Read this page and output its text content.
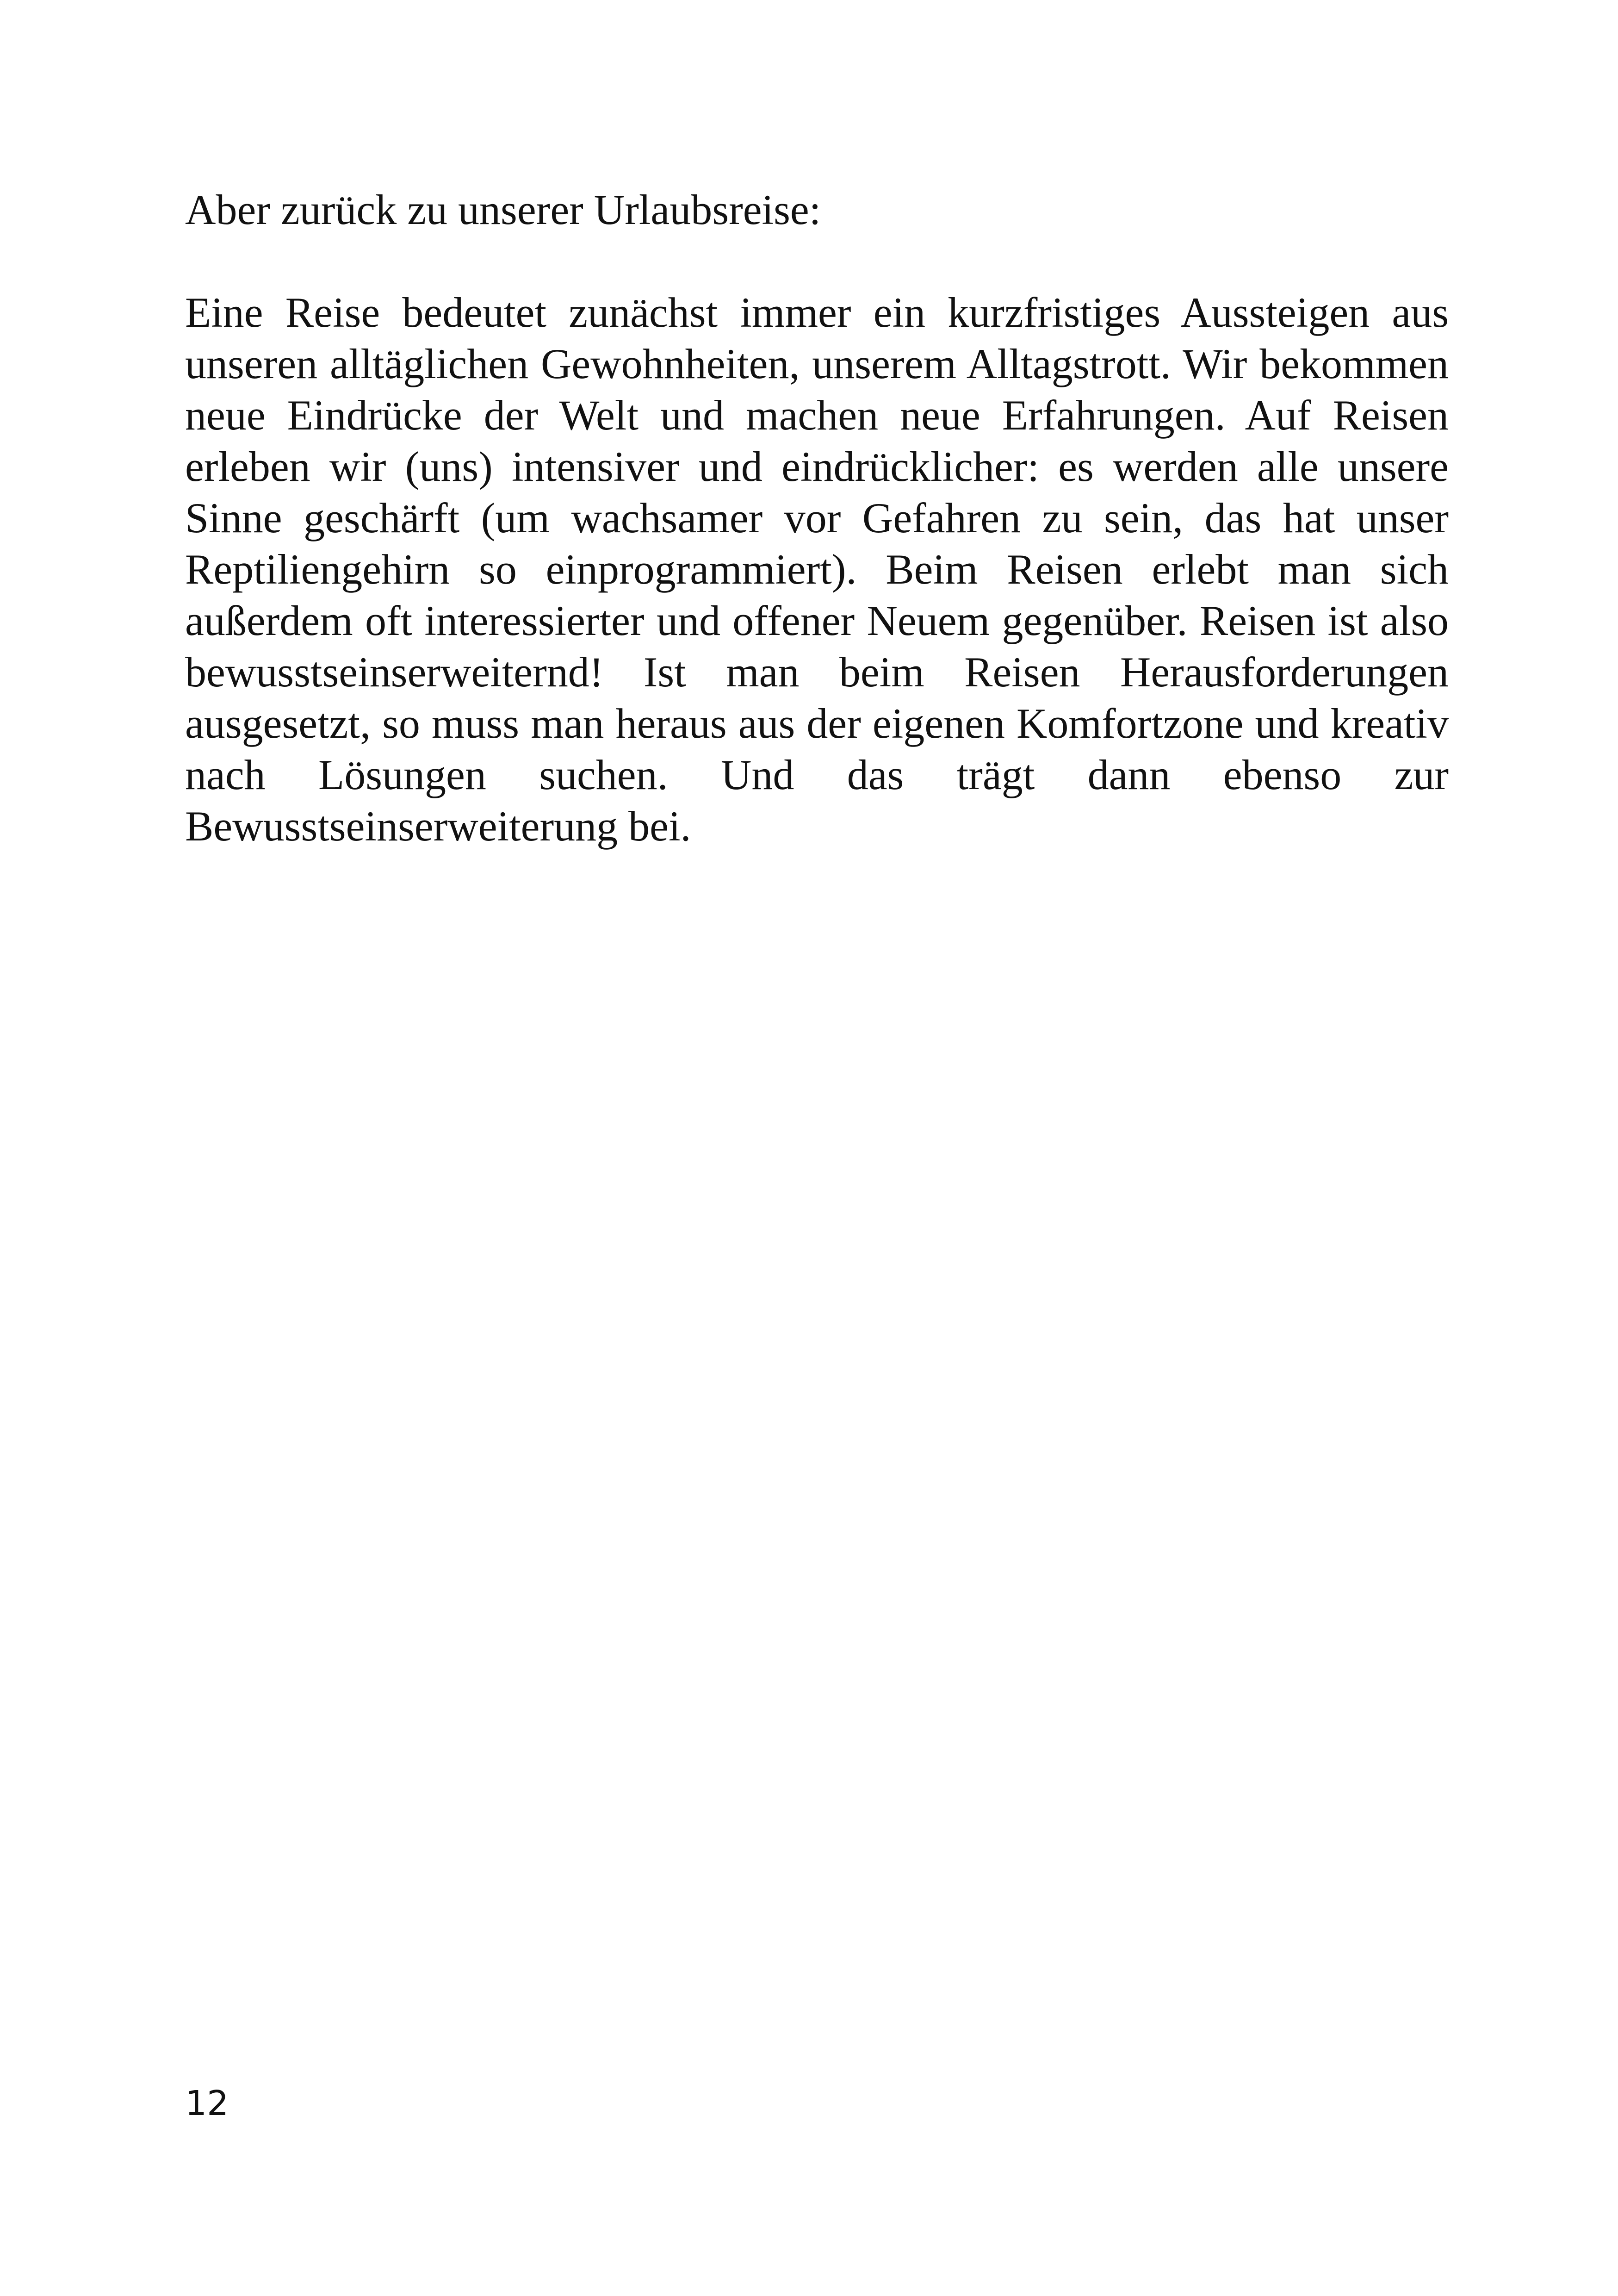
Aber zurück zu unserer Urlaubsreise:

Eine Reise bedeutet zunächst immer ein kurzfristiges Aussteigen aus unseren alltäglichen Gewohnheiten, unserem Alltagstrott. Wir bekommen neue Eindrücke der Welt und machen neue Erfahrungen. Auf Reisen erleben wir (uns) intensiver und eindrücklicher: es werden alle unsere Sinne geschärft (um wachsamer vor Gefahren zu sein, das hat unser Reptiliengehirn so einprogrammiert). Beim Reisen erlebt man sich außerdem oft interessierter und offener Neuem gegenüber. Reisen ist also bewusstseinserweiternd! Ist man beim Reisen Herausforderungen ausgesetzt, so muss man heraus aus der eigenen Komfortzone und kreativ nach Lösungen suchen. Und das trägt dann ebenso zur Bewusstseinserweiterung bei.

12
